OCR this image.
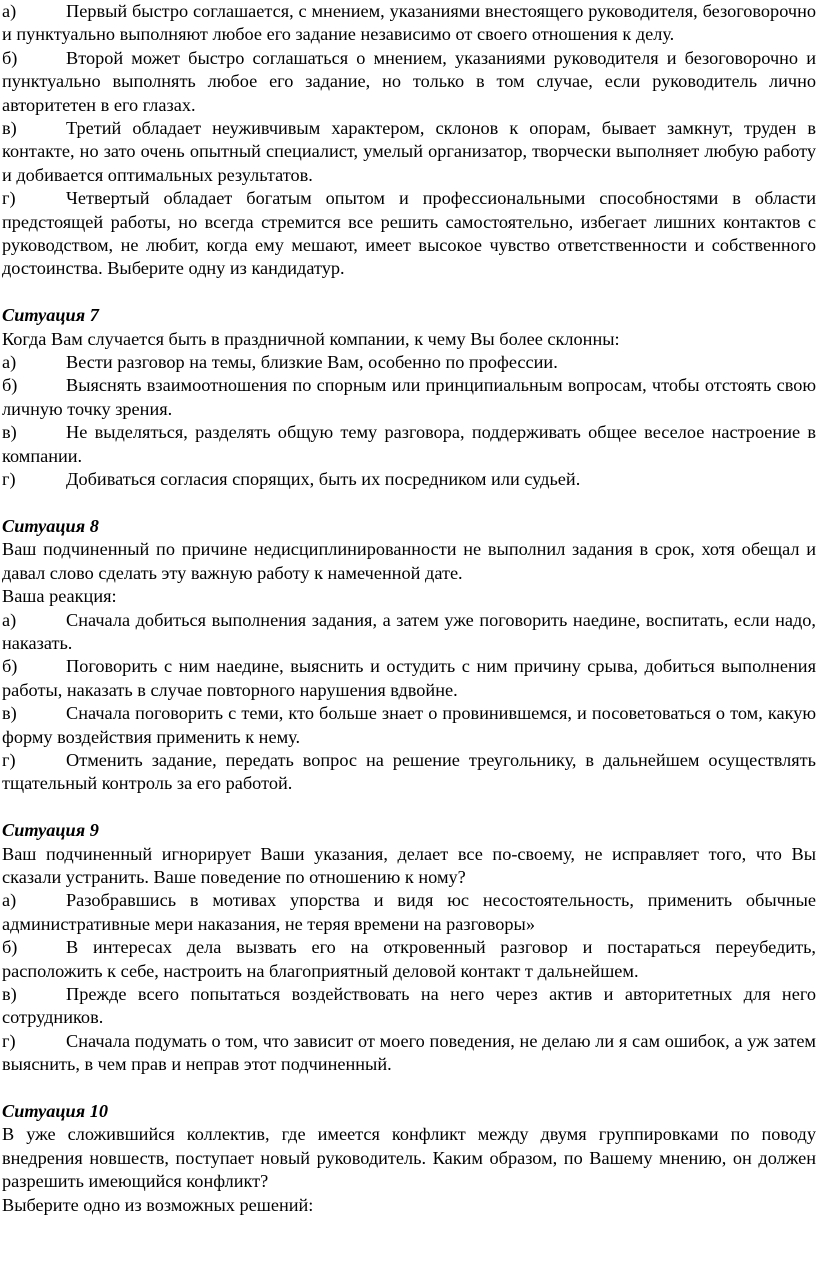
а)	Первый быстро соглашается, с мнением, указаниями внестоящего руководителя, безоговорочно и пунктуально выполняют любое его задание независимо от своего отношения к делу.

б)	Второй может быстро соглашаться о мнением, указаниями руководителя и безоговорочно и пунктуально выполнять любое его задание, но только в том случае, если руководитель лично авторитетен в его глазах.

в)	Третий обладает неуживчивым характером, склонов к опорам, бывает замкнут, труден в контакте, но зато очень опытный специалист, умелый организатор, творчески выполняет любую работу и добивается оптимальных результатов.

г)	Четвертый обладает богатым опытом и профессиональными способностями в области предстоящей работы, но всегда стремится все решить самостоятельно, избегает лишних контактов с руководством, не любит, когда ему мешают, имеет высокое чувство ответственности и собственного достоинства. Выберите одну из кандидатур.

Ситуация 7

Когда Вам случается быть в праздничной компании, к чему Вы более склонны:

а)	Вести разговор на темы, близкие Вам, особенно по профессии.

б)	Выяснять взаимоотношения по спорным или принципиальным вопросам, чтобы отстоять свою личную точку зрения.

в)	Не выделяться, разделять общую тему разговора, поддерживать общее веселое настроение в компании.

г)	Добиваться согласия спорящих, быть их посредником или судьей.

Ситуация 8

Ваш подчиненный по причине недисциплинированности не выполнил задания в срок, хотя обещал и давал слово сделать эту важную работу к намеченной дате.

Ваша реакция:

а)	Сначала добиться выполнения задания, а затем уже поговорить наедине, воспитать, если надо, наказать.

б)	Поговорить с ним наедине, выяснить и остудить с ним причину срыва, добиться выполнения работы, наказать в случае повторного нарушения вдвойне.

в)	Сначала поговорить с теми, кто больше знает о провинившемся, и посоветоваться о том, какую форму воздействия применить к нему.

г)	Отменить задание, передать вопрос на решение треугольнику, в дальнейшем осуществлять тщательный контроль за его работой.

Ситуация 9

Ваш подчиненный игнорирует Ваши указания, делает все по-своему, не исправляет того, что Вы сказали устранить. Ваше поведение по отношению к ному?

а)	Разобравшись в мотивах упорства и видя юс несостоятельность, применить обычные административные мери наказания, не теряя времени на разговоры»

б)	В интересах дела вызвать его на откровенный разговор и постараться переубедить, расположить к себе, настроить на благоприятный деловой контакт т дальнейшем.

в)	Прежде всего попытаться воздействовать на него через актив и авторитетных для него сотрудников.

г)	Сначала подумать о том, что зависит от моего поведения, не делаю ли я сам ошибок, а уж затем выяснить, в чем прав и неправ этот подчиненный.

Ситуация 10

В уже сложившийся коллектив, где имеется конфликт между двумя группировками по поводу внедрения новшеств, поступает новый руководитель. Каким образом, по Вашему мнению, он должен разрешить имеющийся конфликт?

Выберите одно из возможных решений:
